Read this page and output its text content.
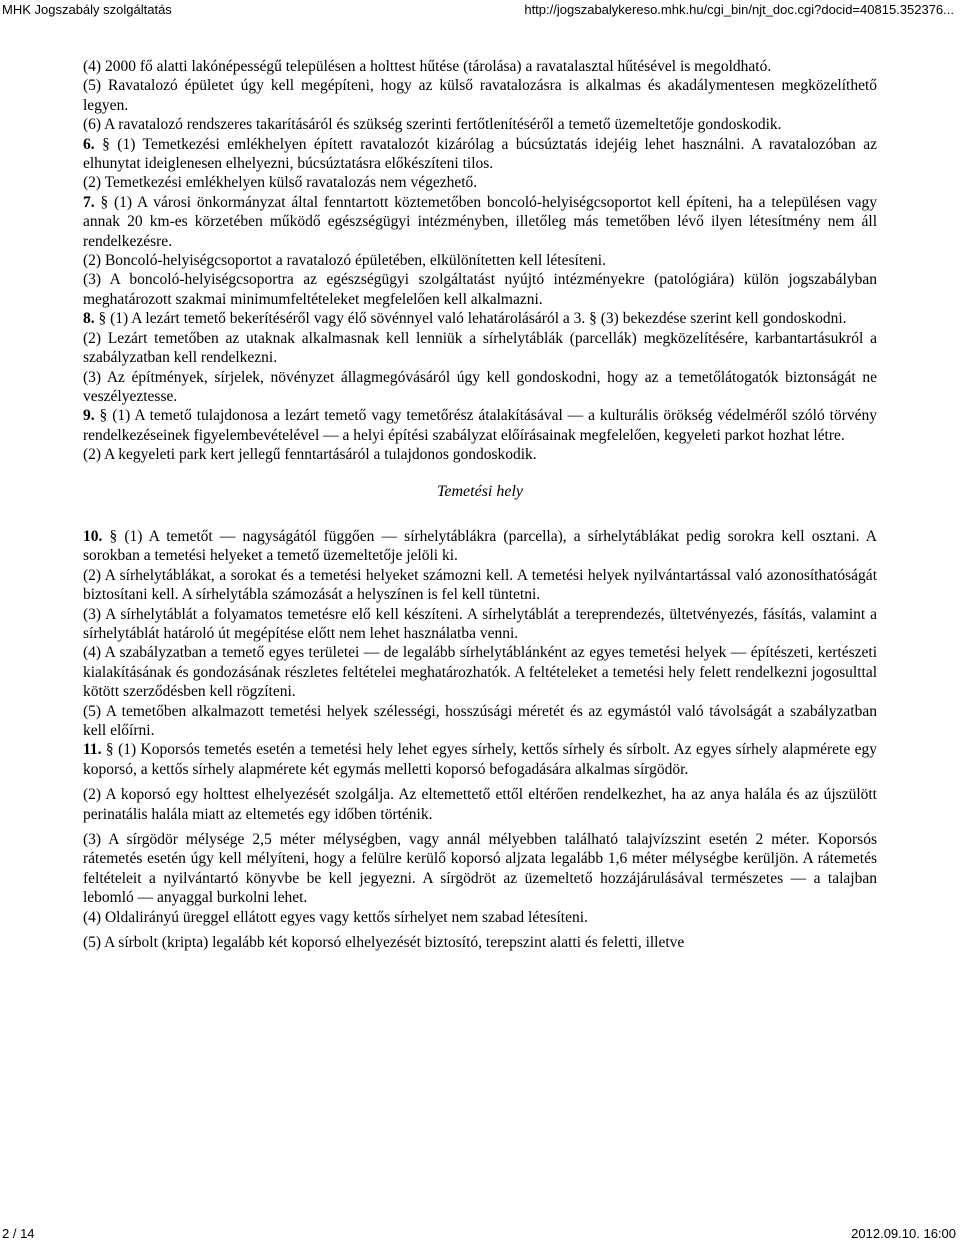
MHK Jogszabály szolgáltatás	http://jogszabalykereso.mhk.hu/cgi_bin/njt_doc.cgi?docid=40815.352376...

(4) 2000 fő alatti lakónépességű településen a holttest hűtése (tárolása) a ravatalasztal hűtésével is megoldható.

(5) Ravatalozó épületet úgy kell megépíteni, hogy az külső ravatalozásra is alkalmas és akadálymentesen megközelíthető legyen.

(6) A ravatalozó rendszeres takarításáról és szükség szerinti fertőtlenítéséről a temető üzemeltetője gondoskodik.

6. § (1) Temetkezési emlékhelyen épített ravatalozót kizárólag a búcsúztatás idejéig lehet használni. A ravatalozóban az elhunytat ideiglenesen elhelyezni, búcsúztatásra előkészíteni tilos.

(2) Temetkezési emlékhelyen külső ravatalozás nem végezhető.

7. § (1) A városi önkormányzat által fenntartott köztemetőben boncoló-helyiségcsoportot kell építeni, ha a településen vagy annak 20 km-es körzetében működő egészségügyi intézményben, illetőleg más temetőben lévő ilyen létesítmény nem áll rendelkezésre.

(2) Boncoló-helyiségcsoportot a ravatalozó épületében, elkülönítetten kell létesíteni.

(3) A boncoló-helyiségcsoportra az egészségügyi szolgáltatást nyújtó intézményekre (patológiára) külön jogszabályban meghatározott szakmai minimumfeltételeket megfelelően kell alkalmazni.

8. § (1) A lezárt temető bekerítéséről vagy élő sövénnyel való lehatárolásáról a 3. § (3) bekezdése szerint kell gondoskodni.

(2) Lezárt temetőben az utaknak alkalmasnak kell lenniük a sírhelytáblák (parcellák) megközelítésére, karbantartásukról a szabályzatban kell rendelkezni.

(3) Az építmények, sírjelek, növényzet állagmegóvásáról úgy kell gondoskodni, hogy az a temetőlátogatók biztonságát ne veszélyeztesse.

9. § (1) A temető tulajdonosa a lezárt temető vagy temetőrész átalakításával — a kulturális örökség védelméről szóló törvény rendelkezéseinek figyelembevételével — a helyi építési szabályzat előírásainak megfelelően, kegyeleti parkot hozhat létre.

(2) A kegyeleti park kert jellegű fenntartásáról a tulajdonos gondoskodik.

Temetési hely

10. § (1) A temetőt — nagyságától függően — sírhelytáblákra (parcella), a sírhelytáblákat pedig sorokra kell osztani. A sorokban a temetési helyeket a temető üzemeltetője jelöli ki.

(2) A sírhelytáblákat, a sorokat és a temetési helyeket számozni kell. A temetési helyek nyilvántartással való azonosíthatóságát biztosítani kell. A sírhelytábla számozását a helyszínen is fel kell tüntetni.

(3) A sírhelytáblát a folyamatos temetésre elő kell készíteni. A sírhelytáblát a tereprendezés, ültetvényezés, fásítás, valamint a sírhelytáblát határoló út megépítése előtt nem lehet használatba venni.

(4) A szabályzatban a temető egyes területei — de legalább sírhelytáblánként az egyes temetési helyek — építészeti, kertészeti kialakításának és gondozásának részletes feltételei meghatározhatók. A feltételeket a temetési hely felett rendelkezni jogosulttal kötött szerződésben kell rögzíteni.

(5) A temetőben alkalmazott temetési helyek szélességi, hosszúsági méretét és az egymástól való távolságát a szabályzatban kell előírni.

11. § (1) Koporsós temetés esetén a temetési hely lehet egyes sírhely, kettős sírhely és sírbolt. Az egyes sírhely alapmérete egy koporsó, a kettős sírhely alapmérete két egymás melletti koporsó befogadására alkalmas sírgödör.

(2) A koporsó egy holttest elhelyezését szolgálja. Az eltemettető ettől eltérően rendelkezhet, ha az anya halála és az újszülött perinatális halála miatt az eltemetés egy időben történik.

(3) A sírgödör mélysége 2,5 méter mélységben, vagy annál mélyebben található talajvízszint esetén 2 méter. Koporsós rátemetés esetén úgy kell mélyíteni, hogy a felülre kerülő koporsó aljzata legalább 1,6 méter mélységbe kerüljön. A rátemetés feltételeit a nyilvántartó könyvbe be kell jegyezni. A sírgödröt az üzemeltető hozzájárulásával természetes — a talajban lebomló — anyaggal burkolni lehet.

(4) Oldalirányú üreggel ellátott egyes vagy kettős sírhelyet nem szabad létesíteni.

(5) A sírbolt (kripta) legalább két koporsó elhelyezését biztosító, terepszint alatti és feletti, illetve

2 / 14	2012.09.10. 16:00
